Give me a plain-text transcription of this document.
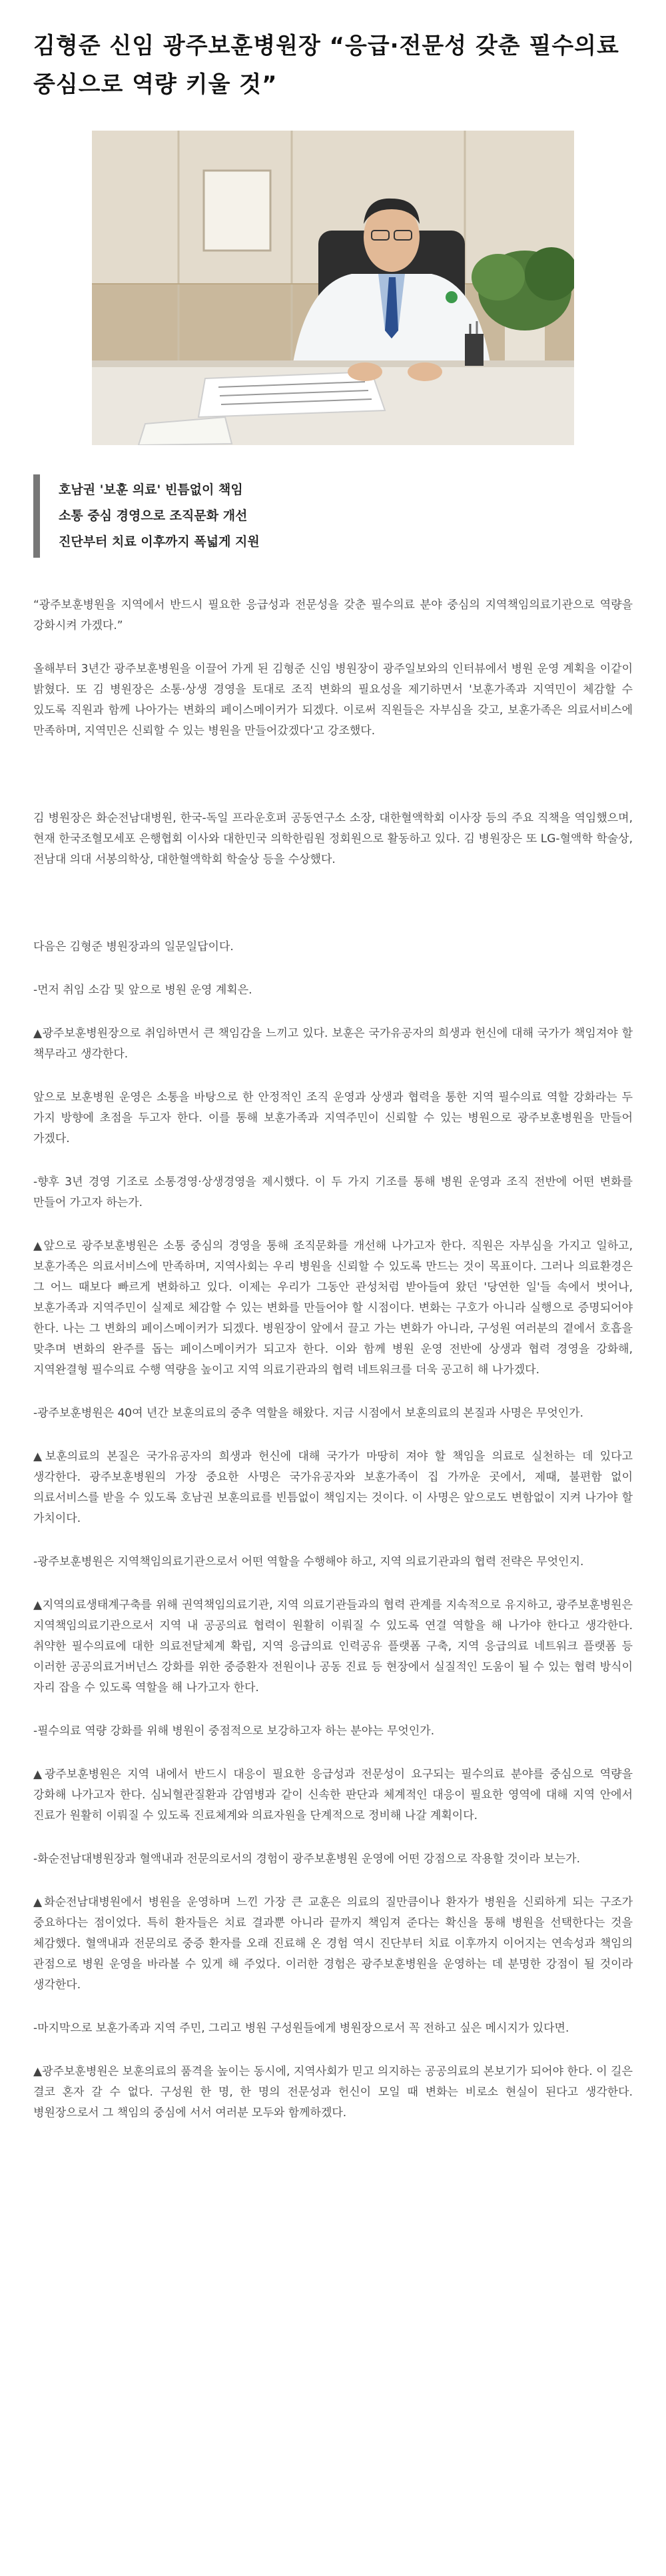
김형준 신임 광주보훈병원장 “응급·전문성 갖춘 필수의료 중심으로 역량 키울 것”
호남권 '보훈 의료' 빈틈없이 책임
소통 중심 경영으로 조직문화 개선
진단부터 치료 이후까지 폭넓게 지원

“광주보훈병원을 지역에서 반드시 필요한 응급성과 전문성을 갖춘 필수의료 분야 중심의 지역책임의료기관으로 역량을 강화시켜 가겠다.”

올해부터 3년간 광주보훈병원을 이끌어 가게 된 김형준 신임 병원장이 광주일보와의 인터뷰에서 병원 운영 계획을 이같이 밝혔다. 또 김 병원장은 소통·상생 경영을 토대로 조직 변화의 필요성을 제기하면서 '보훈가족과 지역민이 체감할 수 있도록 직원과 함께 나아가는 변화의 페이스메이커가 되겠다. 이로써 직원들은 자부심을 갖고, 보훈가족은 의료서비스에 만족하며, 지역민은 신뢰할 수 있는 병원을 만들어갔겠다'고 강조했다.

김 병원장은 화순전남대병원, 한국-독일 프라운호퍼 공동연구소 소장, 대한혈액학회 이사장 등의 주요 직책을 역임했으며, 현재 한국조혈모세포 은행협회 이사와 대한민국 의학한림원 정회원으로 활동하고 있다. 김 병원장은 또 LG-혈액학 학술상, 전남대 의대 서봉의학상, 대한혈액학회 학술상 등을 수상했다.

다음은 김형준 병원장과의 일문일답이다.

-먼저 취임 소감 및 앞으로 병원 운영 계획은.

▲광주보훈병원장으로 취임하면서 큰 책임감을 느끼고 있다. 보훈은 국가유공자의 희생과 헌신에 대해 국가가 책임져야 할 책무라고 생각한다.

앞으로 보훈병원 운영은 소통을 바탕으로 한 안정적인 조직 운영과 상생과 협력을 통한 지역 필수의료 역할 강화라는 두 가지 방향에 초점을 두고자 한다. 이를 통해 보훈가족과 지역주민이 신뢰할 수 있는 병원으로 광주보훈병원을 만들어 가겠다.

-향후 3년 경영 기조로 소통경영·상생경영을 제시했다. 이 두 가지 기조를 통해 병원 운영과 조직 전반에 어떤 변화를 만들어 가고자 하는가.

▲앞으로 광주보훈병원은 소통 중심의 경영을 통해 조직문화를 개선해 나가고자 한다. 직원은 자부심을 가지고 일하고, 보훈가족은 의료서비스에 만족하며, 지역사회는 우리 병원을 신뢰할 수 있도록 만드는 것이 목표이다. 그러나 의료환경은 그 어느 때보다 빠르게 변화하고 있다. 이제는 우리가 그동안 관성처럼 받아들여 왔던 '당연한 일'들 속에서 벗어나, 보훈가족과 지역주민이 실제로 체감할 수 있는 변화를 만들어야 할 시점이다. 변화는 구호가 아니라 실행으로 증명되어야 한다. 나는 그 변화의 페이스메이커가 되겠다. 병원장이 앞에서 끌고 가는 변화가 아니라, 구성원 여러분의 곁에서 호흡을 맞추며 변화의 완주를 돕는 페이스메이커가 되고자 한다. 이와 함께 병원 운영 전반에 상생과 협력 경영을 강화해, 지역완결형 필수의료 수행 역량을 높이고 지역 의료기관과의 협력 네트워크를 더욱 공고히 해 나가겠다.

-광주보훈병원은 40여 년간 보훈의료의 중추 역할을 해왔다. 지금 시점에서 보훈의료의 본질과 사명은 무엇인가.

▲보훈의료의 본질은 국가유공자의 희생과 헌신에 대해 국가가 마땅히 져야 할 책임을 의료로 실천하는 데 있다고 생각한다. 광주보훈병원의 가장 중요한 사명은 국가유공자와 보훈가족이 집 가까운 곳에서, 제때, 불편함 없이 의료서비스를 받을 수 있도록 호남권 보훈의료를 빈틈없이 책임지는 것이다. 이 사명은 앞으로도 변함없이 지켜 나가야 할 가치이다.

-광주보훈병원은 지역책임의료기관으로서 어떤 역할을 수행해야 하고, 지역 의료기관과의 협력 전략은 무엇인지.

▲지역의료생태계구축를 위해 권역책임의료기관, 지역 의료기관들과의 협력 관계를 지속적으로 유지하고, 광주보훈병원은 지역책임의료기관으로서 지역 내 공공의료 협력이 원활히 이뤄질 수 있도록 연결 역할을 해 나가야 한다고 생각한다. 취약한 필수의료에 대한 의료전달체계 확립, 지역 응급의료 인력공유 플랫폼 구축, 지역 응급의료 네트워크 플랫폼 등 이러한 공공의료거버넌스 강화를 위한 중증환자 전원이나 공동 진료 등 현장에서 실질적인 도움이 될 수 있는 협력 방식이 자리 잡을 수 있도록 역할을 해 나가고자 한다.

-필수의료 역량 강화를 위해 병원이 중점적으로 보강하고자 하는 분야는 무엇인가.

▲광주보훈병원은 지역 내에서 반드시 대응이 필요한 응급성과 전문성이 요구되는 필수의료 분야를 중심으로 역량을 강화해 나가고자 한다. 심뇌혈관질환과 감염병과 같이 신속한 판단과 체계적인 대응이 필요한 영역에 대해 지역 안에서 진료가 원활히 이뤄질 수 있도록 진료체계와 의료자원을 단계적으로 정비해 나갈 계획이다.

-화순전남대병원장과 혈액내과 전문의로서의 경험이 광주보훈병원 운영에 어떤 강점으로 작용할 것이라 보는가.

▲화순전남대병원에서 병원을 운영하며 느낀 가장 큰 교훈은 의료의 질만큼이나 환자가 병원을 신뢰하게 되는 구조가 중요하다는 점이었다. 특히 환자들은 치료 결과뿐 아니라 끝까지 책임져 준다는 확신을 통해 병원을 선택한다는 것을 체감했다. 혈액내과 전문의로 중증 환자를 오래 진료해 온 경험 역시 진단부터 치료 이후까지 이어지는 연속성과 책임의 관점으로 병원 운영을 바라볼 수 있게 해 주었다. 이러한 경험은 광주보훈병원을 운영하는 데 분명한 강점이 될 것이라 생각한다.

-마지막으로 보훈가족과 지역 주민, 그리고 병원 구성원들에게 병원장으로서 꼭 전하고 싶은 메시지가 있다면.

▲광주보훈병원은 보훈의료의 품격을 높이는 동시에, 지역사회가 믿고 의지하는 공공의료의 본보기가 되어야 한다. 이 길은 결코 혼자 갈 수 없다. 구성원 한 명, 한 명의 전문성과 헌신이 모일 때 변화는 비로소 현실이 된다고 생각한다. 병원장으로서 그 책임의 중심에 서서 여러분 모두와 함께하겠다.
